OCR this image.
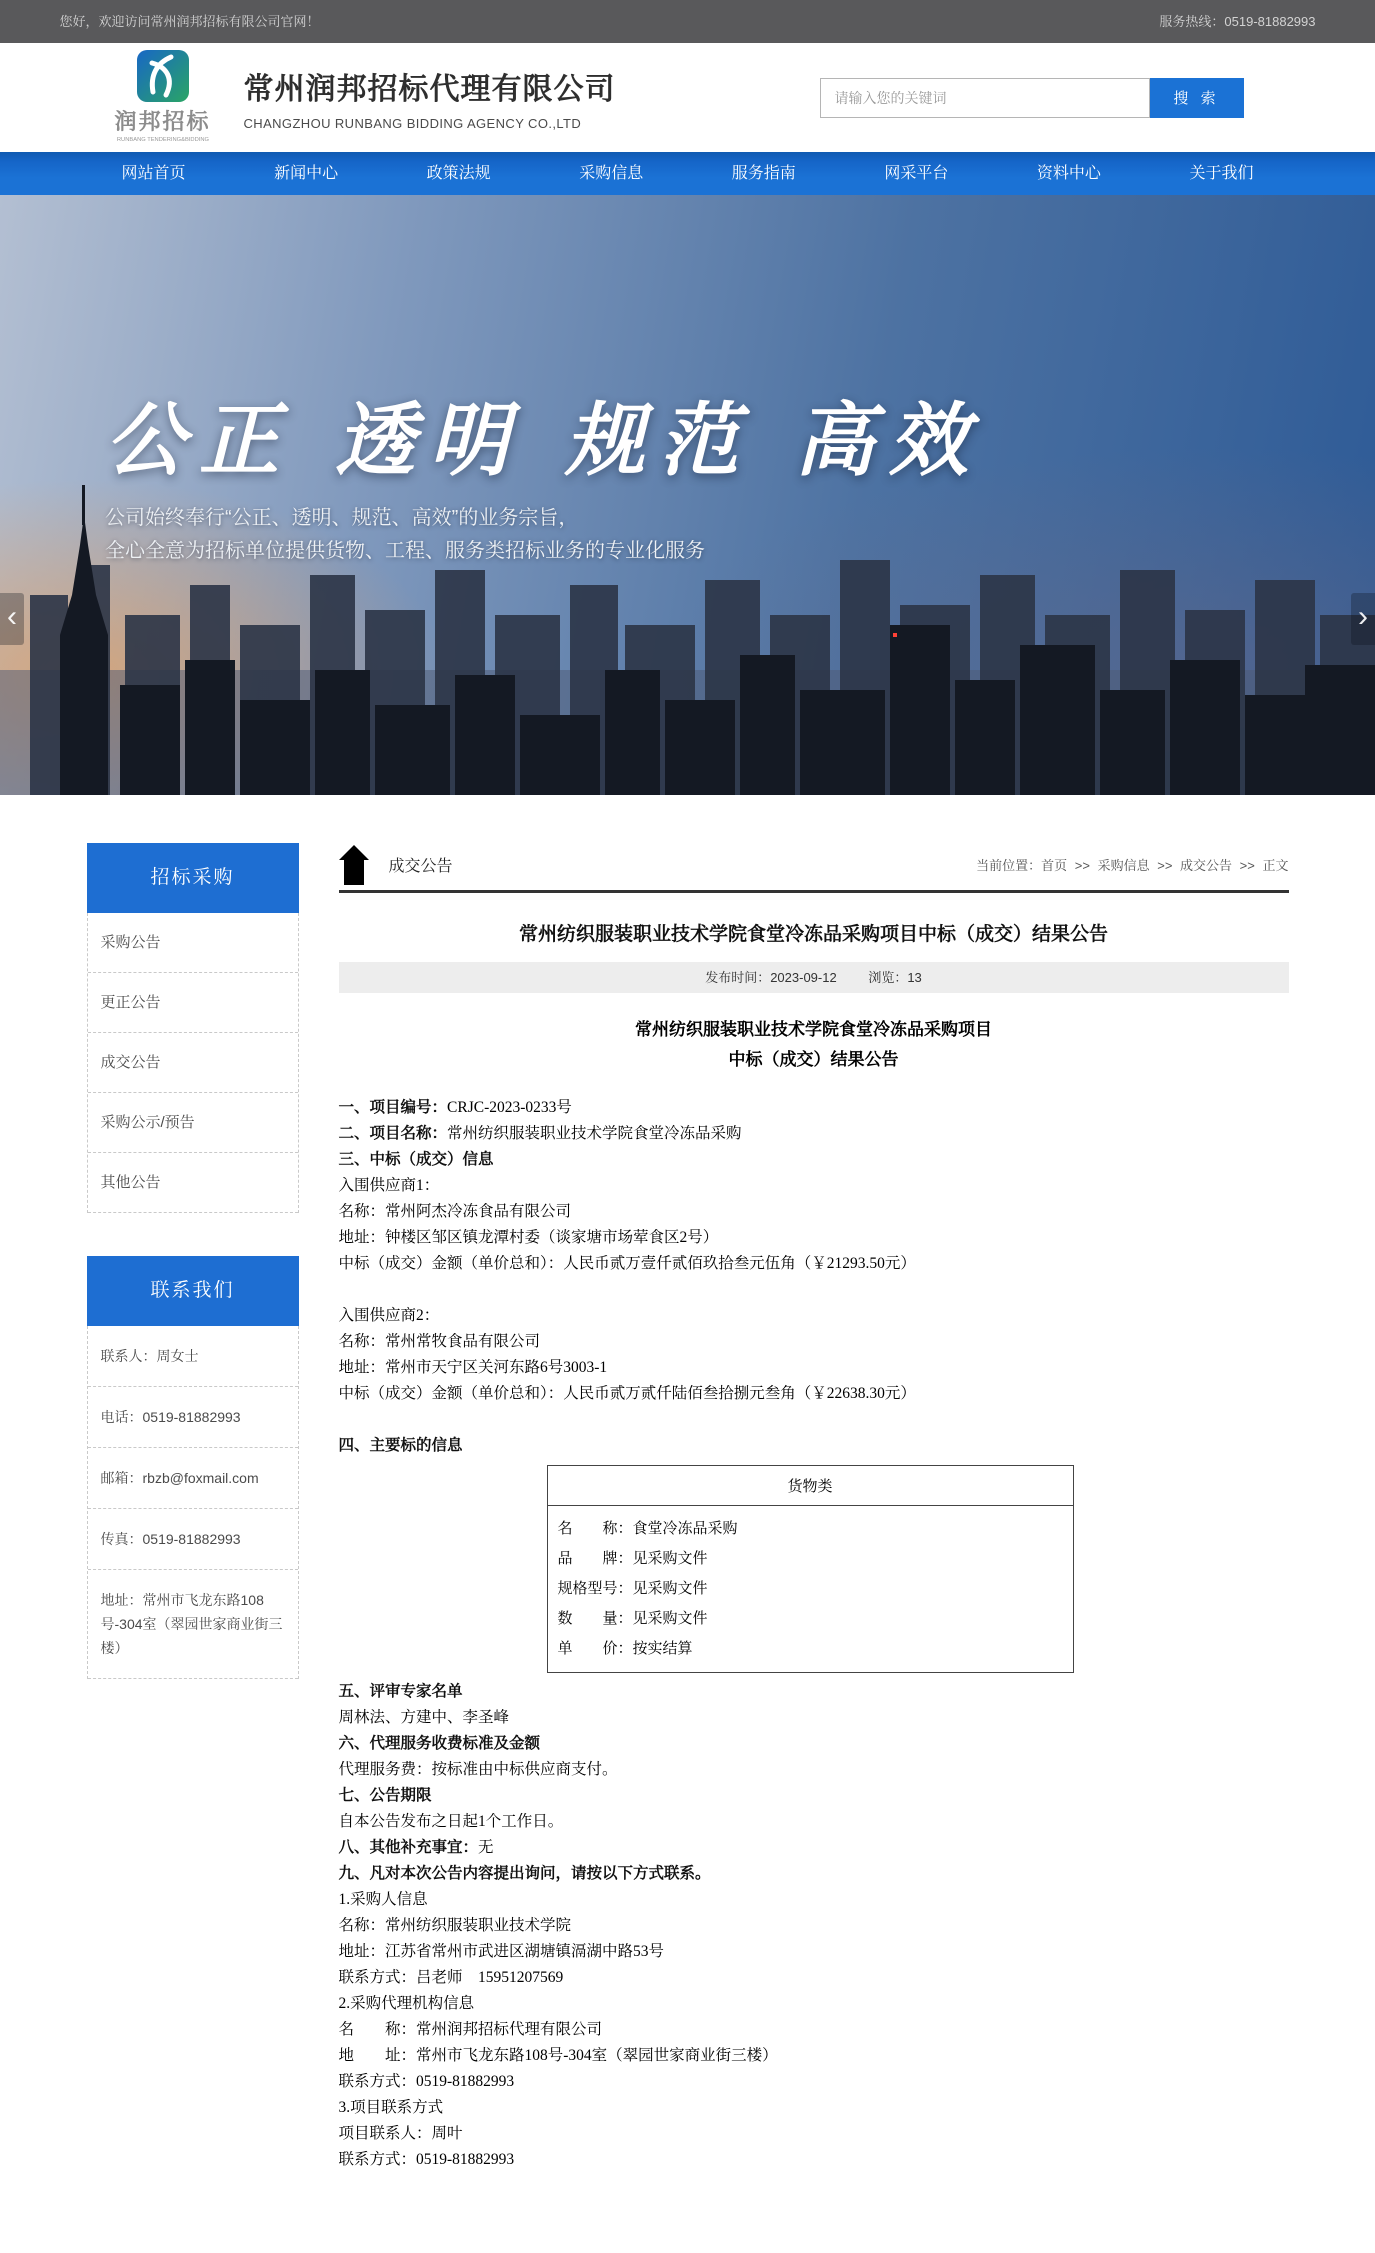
您好，欢迎访问常州润邦招标有限公司官网！	服务热线：0519-81882993
润邦招标
RUNBANG TENDERING&BIDDING
常州润邦招标代理有限公司
CHANGZHOU RUNBANG BIDDING AGENCY CO.,LTD
请输入您的关键词
搜 索
网站首页	新闻中心	政策法规	采购信息	服务指南	网采平台	资料中心	关于我们

公正 透明 规范 高效

公司始终奉行“公正、透明、规范、高效”的业务宗旨，

全心全意为招标单位提供货物、工程、服务类招标业务的专业化服务

‹	›
招标采购
采购公告
更正公告
成交公告
采购公示/预告
其他公告
联系我们
联系人：周女士
电话：0519-81882993
邮箱：rbzb@foxmail.com
传真：0519-81882993
地址：常州市飞龙东路108号-304室（翠园世家商业街三楼）
成交公告	当前位置：首页 >> 采购信息 >> 成交公告 >> 正文
常州纺织服装职业技术学院食堂冷冻品采购项目中标（成交）结果公告
发布时间：2023-09-12 浏览：13
常州纺织服装职业技术学院食堂冷冻品采购项目
中标（成交）结果公告

一、项目编号：CRJC-2023-0233号

二、项目名称：常州纺织服装职业技术学院食堂冷冻品采购

三、中标（成交）信息

入围供应商1：

名称：常州阿杰冷冻食品有限公司

地址：钟楼区邹区镇龙潭村委（谈家塘市场荤食区2号）

中标（成交）金额（单价总和）：人民币贰万壹仟贰佰玖拾叁元伍角（￥21293.50元）

入围供应商2：

名称：常州常牧食品有限公司

地址：常州市天宁区关河东路6号3003-1

中标（成交）金额（单价总和）：人民币贰万贰仟陆佰叁拾捌元叁角（￥22638.30元）

四、主要标的信息

货物类

名　　称：食堂冷冻品采购
品　　牌：见采购文件
规格型号：见采购文件
数　　量：见采购文件
单　　价：按实结算

五、评审专家名单

周林法、方建中、李圣峰

六、代理服务收费标准及金额

代理服务费：按标准由中标供应商支付。

七、公告期限

自本公告发布之日起1个工作日。

八、其他补充事宜：无

九、凡对本次公告内容提出询问，请按以下方式联系。

1.采购人信息

名称：常州纺织服装职业技术学院

地址：江苏省常州市武进区湖塘镇滆湖中路53号

联系方式：吕老师　15951207569

2.采购代理机构信息

名　　称：常州润邦招标代理有限公司

地　　址：常州市飞龙东路108号-304室（翠园世家商业街三楼）

联系方式：0519-81882993

3.项目联系方式

项目联系人：周叶

联系方式：0519-81882993
